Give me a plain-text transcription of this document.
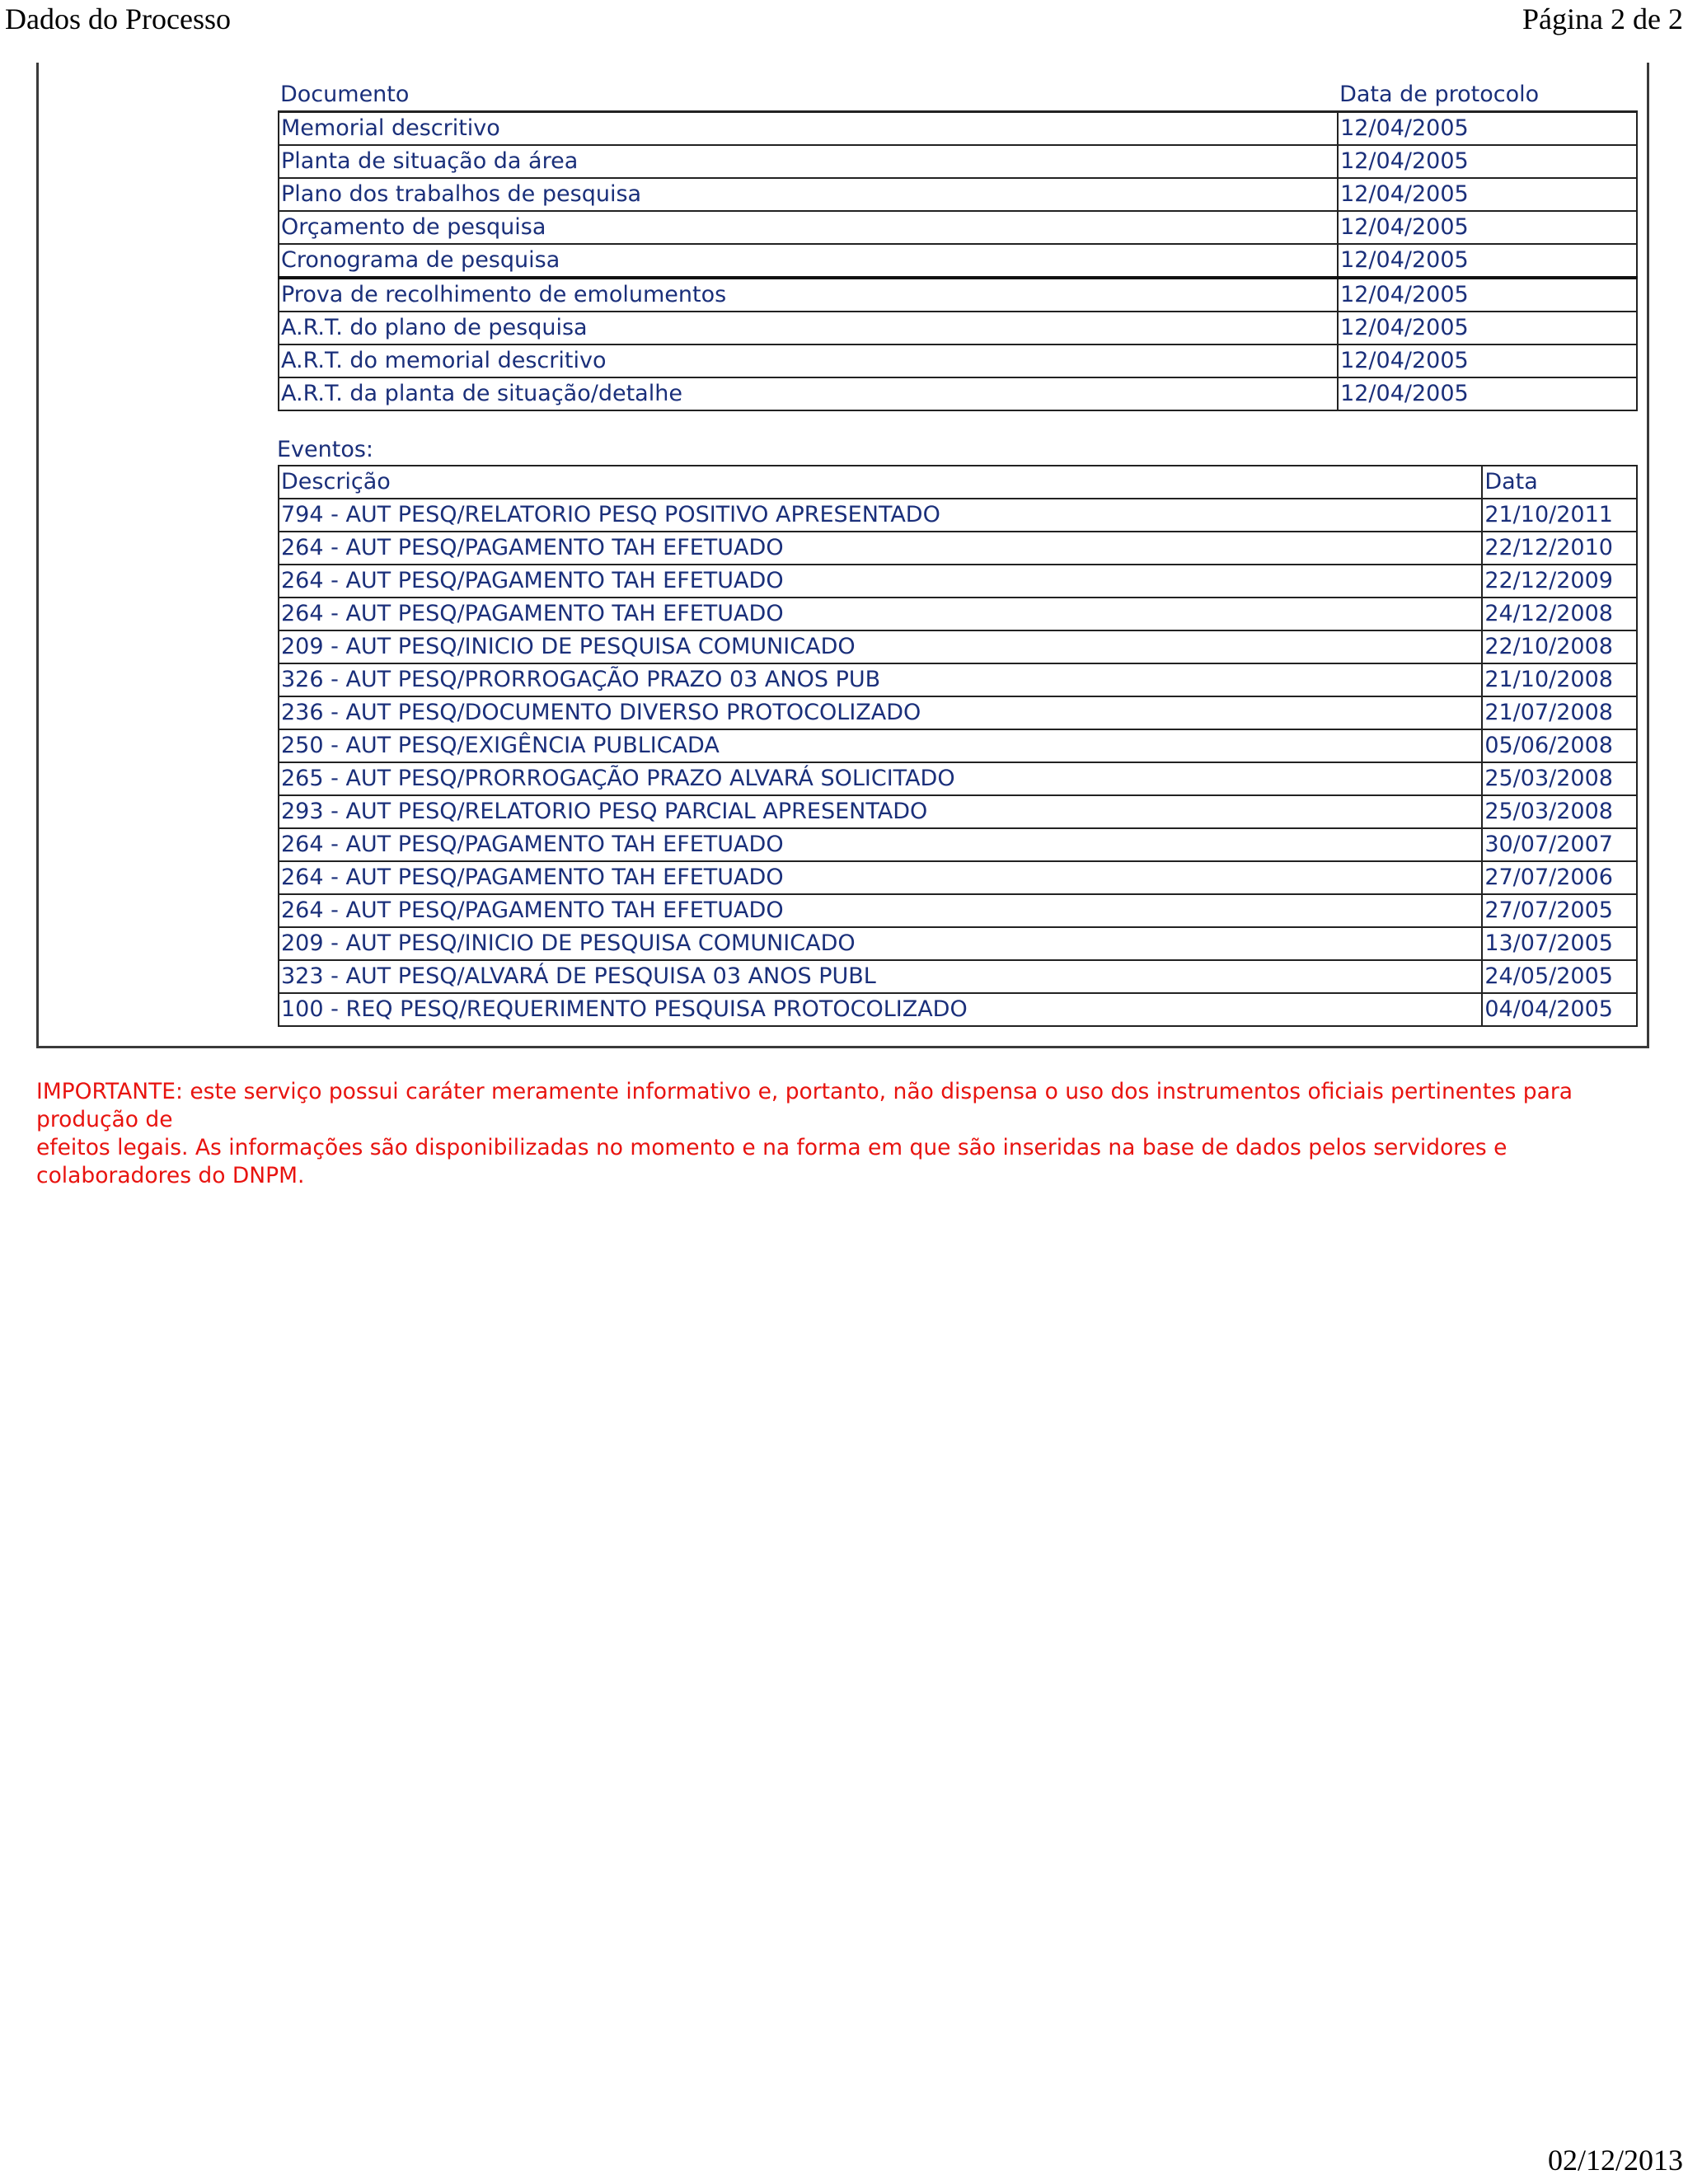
Dados do Processo	Página 2 de 2
Documento	Data de protocolo
Memorial descritivo	12/04/2005
Planta de situação da área	12/04/2005
Plano dos trabalhos de pesquisa	12/04/2005
Orçamento de pesquisa	12/04/2005
Cronograma de pesquisa	12/04/2005
Prova de recolhimento de emolumentos	12/04/2005
A.R.T. do plano de pesquisa	12/04/2005
A.R.T. do memorial descritivo	12/04/2005
A.R.T. da planta de situação/detalhe	12/04/2005
Eventos:
Descrição	Data
794 - AUT PESQ/RELATORIO PESQ POSITIVO APRESENTADO	21/10/2011
264 - AUT PESQ/PAGAMENTO TAH EFETUADO	22/12/2010
264 - AUT PESQ/PAGAMENTO TAH EFETUADO	22/12/2009
264 - AUT PESQ/PAGAMENTO TAH EFETUADO	24/12/2008
209 - AUT PESQ/INICIO DE PESQUISA COMUNICADO	22/10/2008
326 - AUT PESQ/PRORROGAÇÃO PRAZO 03 ANOS PUB	21/10/2008
236 - AUT PESQ/DOCUMENTO DIVERSO PROTOCOLIZADO	21/07/2008
250 - AUT PESQ/EXIGÊNCIA PUBLICADA	05/06/2008
265 - AUT PESQ/PRORROGAÇÃO PRAZO ALVARÁ SOLICITADO	25/03/2008
293 - AUT PESQ/RELATORIO PESQ PARCIAL APRESENTADO	25/03/2008
264 - AUT PESQ/PAGAMENTO TAH EFETUADO	30/07/2007
264 - AUT PESQ/PAGAMENTO TAH EFETUADO	27/07/2006
264 - AUT PESQ/PAGAMENTO TAH EFETUADO	27/07/2005
209 - AUT PESQ/INICIO DE PESQUISA COMUNICADO	13/07/2005
323 - AUT PESQ/ALVARÁ DE PESQUISA 03 ANOS PUBL	24/05/2005
100 - REQ PESQ/REQUERIMENTO PESQUISA PROTOCOLIZADO	04/04/2005
IMPORTANTE: este serviço possui caráter meramente informativo e, portanto, não dispensa o uso dos instrumentos oficiais pertinentes para produção de
efeitos legais. As informações são disponibilizadas no momento e na forma em que são inseridas na base de dados pelos servidores e colaboradores do DNPM.
02/12/2013
